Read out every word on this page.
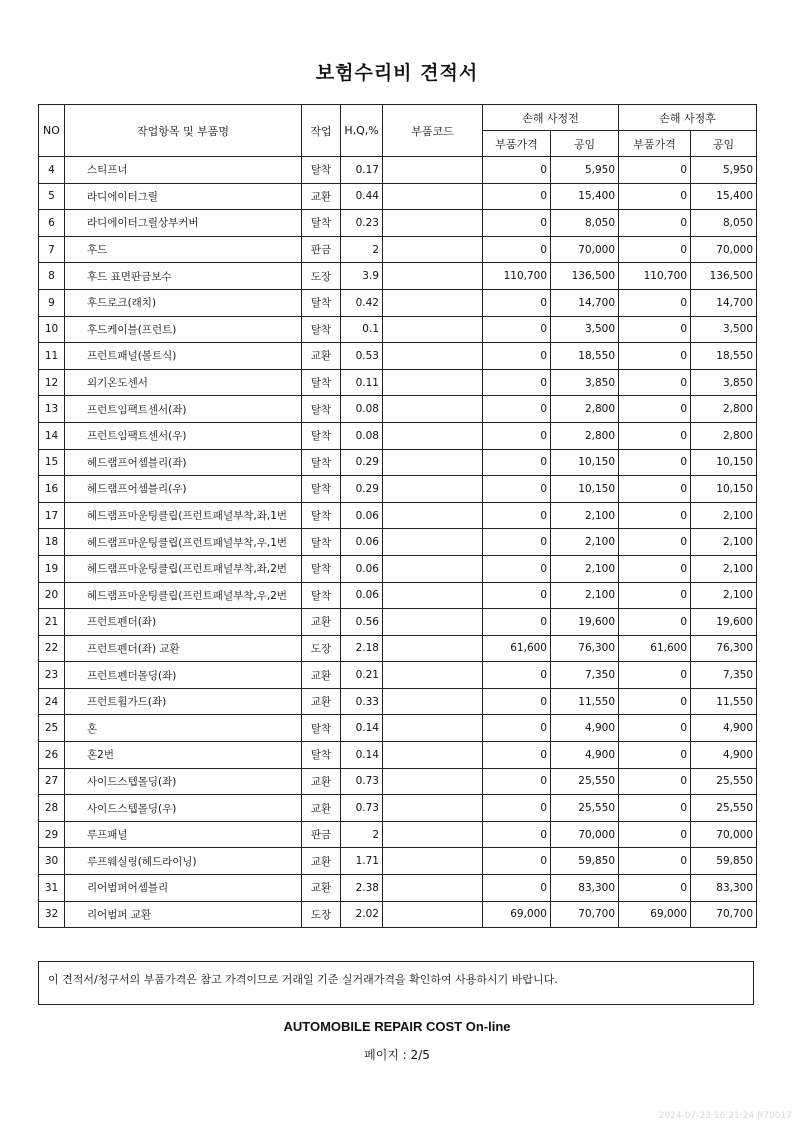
보험수리비 견적서
NO	작업항목 및 부품명	작업	H,Q,%	부품코드	손해 사정전		손해 사정후	
					부품가격	공임	부품가격	공임
4	스티프너	탈착	0.17		0	5,950	0	5,950
5	라디에이터그릴	교환	0.44		0	15,400	0	15,400
6	라디에이터그릴상부커버	탈착	0.23		0	8,050	0	8,050
7	후드	판금	2		0	70,000	0	70,000
8	후드 표면판금보수	도장	3.9		110,700	136,500	110,700	136,500
9	후드로크(래치)	탈착	0.42		0	14,700	0	14,700
10	후드케이블(프런트)	탈착	0.1		0	3,500	0	3,500
11	프런트패널(볼트식)	교환	0.53		0	18,550	0	18,550
12	외기온도센서	탈착	0.11		0	3,850	0	3,850
13	프런트임팩트센서(좌)	탈착	0.08		0	2,800	0	2,800
14	프런트임팩트센서(우)	탈착	0.08		0	2,800	0	2,800
15	헤드램프어셈블리(좌)	탈착	0.29		0	10,150	0	10,150
16	헤드램프어셈블리(우)	탈착	0.29		0	10,150	0	10,150
17	헤드램프마운팅클립(프런트패널부착,좌,1번	탈착	0.06		0	2,100	0	2,100
18	헤드램프마운팅클립(프런트패널부착,우,1번	탈착	0.06		0	2,100	0	2,100
19	헤드램프마운팅클립(프런트패널부착,좌,2번	탈착	0.06		0	2,100	0	2,100
20	헤드램프마운팅클립(프런트패널부착,우,2번	탈착	0.06		0	2,100	0	2,100
21	프런트펜더(좌)	교환	0.56		0	19,600	0	19,600
22	프런트펜더(좌) 교환	도장	2.18		61,600	76,300	61,600	76,300
23	프런트펜더몰딩(좌)	교환	0.21		0	7,350	0	7,350
24	프런트휠가드(좌)	교환	0.33		0	11,550	0	11,550
25	혼	탈착	0.14		0	4,900	0	4,900
26	혼2번	탈착	0.14		0	4,900	0	4,900
27	사이드스텝몰딩(좌)	교환	0.73		0	25,550	0	25,550
28	사이드스텝몰딩(우)	교환	0.73		0	25,550	0	25,550
29	루프패널	판금	2		0	70,000	0	70,000
30	루프웨실링(헤드라이닝)	교환	1.71		0	59,850	0	59,850
31	리어범퍼어셈블리	교환	2.38		0	83,300	0	83,300
32	리어범퍼 교환	도장	2.02		69,000	70,700	69,000	70,700
이 견적서/청구서의 부품가격은 참고 가격이므로 거래일 기준 실거래가격을 확인하여 사용하시기 바랍니다.
AUTOMOBILE REPAIR COST On-line
페이지 : 2/5
2024-07-23 16:21:24 R70017
